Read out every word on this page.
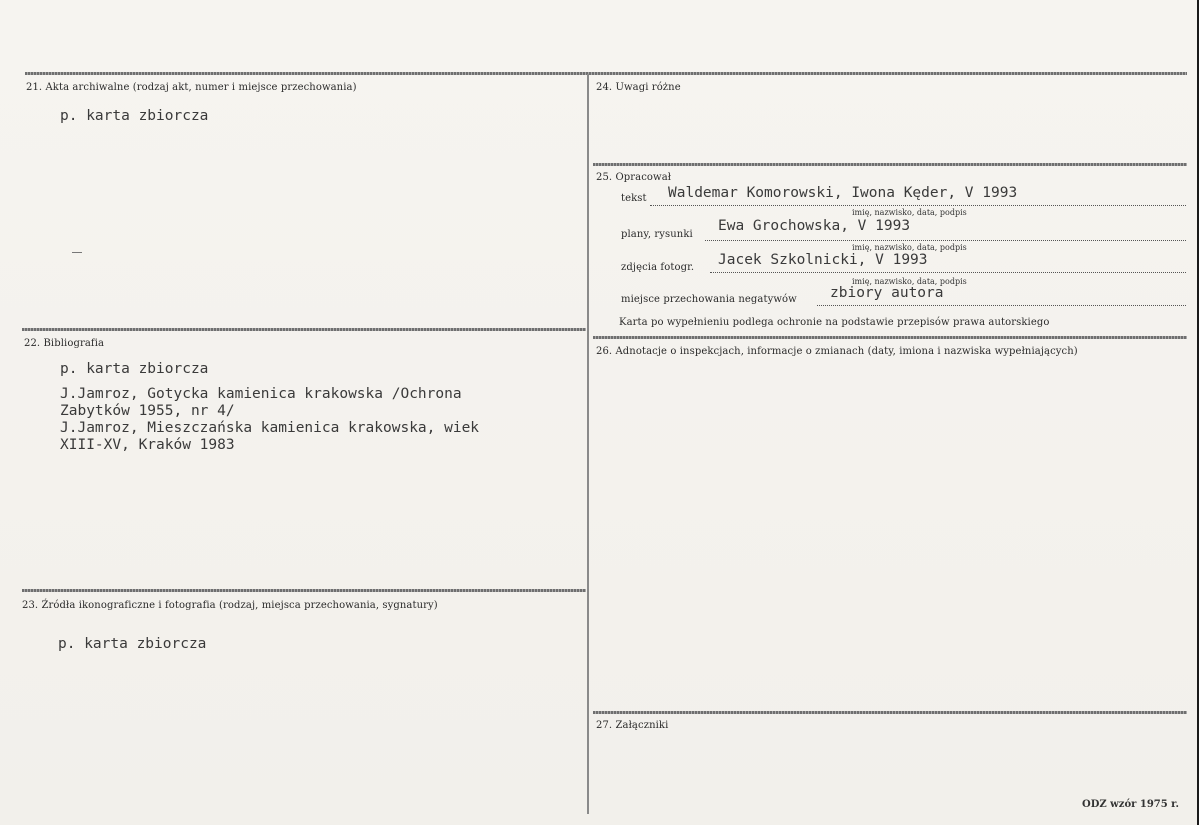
21. Akta archiwalne (rodzaj akt, numer i miejsce przechowania)
p. karta zbiorcza
22. Bibliografia
p. karta zbiorcza
J.Jamroz, Gotycka kamienica krakowska /Ochrona
Zabytków 1955, nr 4/
J.Jamroz, Mieszczańska kamienica krakowska, wiek
XIII-XV, Kraków 1983
23. Źródła ikonograficzne i fotografia (rodzaj, miejsca przechowania, sygnatury)
p. karta zbiorcza
24. Uwagi różne
25. Opracował
tekst Waldemar Komorowski, Iwona Kęder, V 1993
imię, nazwisko, data, podpis
plany, rysunki
Ewa Grochowska, V 1993
imię, nazwisko, data, podpis
zdjęcia fotogr. Jacek Szkolnicki, V 1993
imię, nazwisko, data, podpis
miejsce przechowania negatywów zbiory autora
Karta po wypełnieniu podlega ochronie na podstawie przepisów prawa autorskiego
26. Adnotacje o inspekcjach, informacje o zmianach (daty, imiona i nazwiska wypełniających)
27. Załączniki
ODZ wzór 1975 r.
